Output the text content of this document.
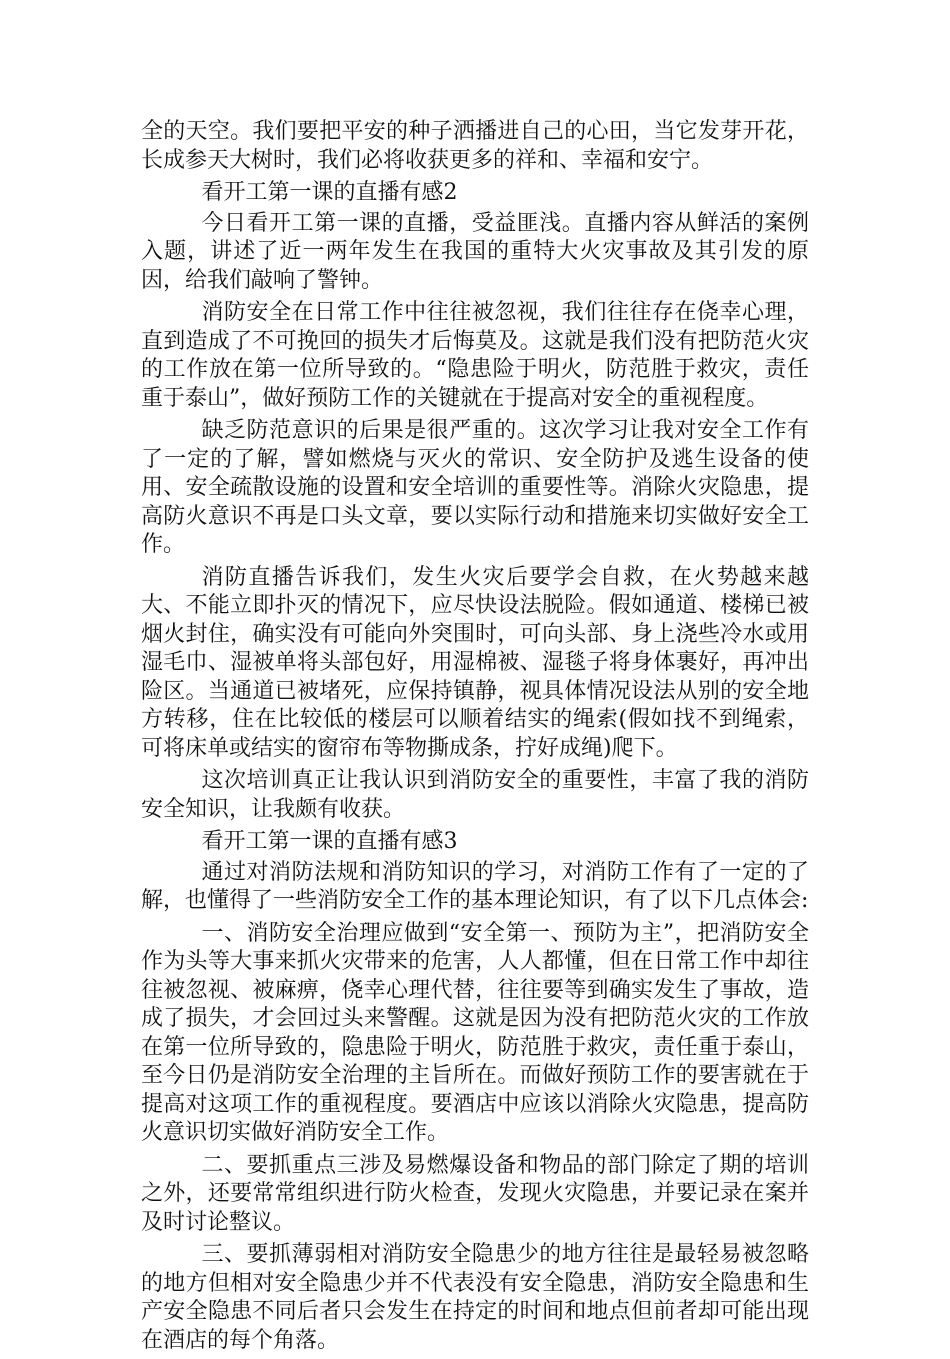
全的天空。我们要把平安的种子洒播进自己的心田，当它发芽开花，长成参天大树时，我们必将收获更多的祥和、幸福和安宁。

看开工第一课的直播有感2

今日看开工第一课的直播，受益匪浅。直播内容从鲜活的案例入题，讲述了近一两年发生在我国的重特大火灾事故及其引发的原因，给我们敲响了警钟。

消防安全在日常工作中往往被忽视，我们往往存在侥幸心理，直到造成了不可挽回的损失才后悔莫及。这就是我们没有把防范火灾的工作放在第一位所导致的。“隐患险于明火，防范胜于救灾，责任重于泰山”，做好预防工作的关键就在于提高对安全的重视程度。

缺乏防范意识的后果是很严重的。这次学习让我对安全工作有了一定的了解，譬如燃烧与灭火的常识、安全防护及逃生设备的使用、安全疏散设施的设置和安全培训的重要性等。消除火灾隐患，提高防火意识不再是口头文章，要以实际行动和措施来切实做好安全工作。

消防直播告诉我们，发生火灾后要学会自救，在火势越来越大、不能立即扑灭的情况下，应尽快设法脱险。假如通道、楼梯已被烟火封住，确实没有可能向外突围时，可向头部、身上浇些冷水或用湿毛巾、湿被单将头部包好，用湿棉被、湿毯子将身体裹好，再冲出险区。当通道已被堵死，应保持镇静，视具体情况设法从别的安全地方转移，住在比较低的楼层可以顺着结实的绳索(假如找不到绳索，可将床单或结实的窗帘布等物撕成条，拧好成绳)爬下。

这次培训真正让我认识到消防安全的重要性，丰富了我的消防安全知识，让我颇有收获。

看开工第一课的直播有感3

通过对消防法规和消防知识的学习，对消防工作有了一定的了解，也懂得了一些消防安全工作的基本理论知识，有了以下几点体会:

一、消防安全治理应做到“安全第一、预防为主”，把消防安全作为头等大事来抓火灾带来的危害，人人都懂，但在日常工作中却往往被忽视、被麻痹，侥幸心理代替，往往要等到确实发生了事故，造成了损失，才会回过头来警醒。这就是因为没有把防范火灾的工作放在第一位所导致的，隐患险于明火，防范胜于救灾，责任重于泰山，至今日仍是消防安全治理的主旨所在。而做好预防工作的要害就在于提高对这项工作的重视程度。要酒店中应该以消除火灾隐患，提高防火意识切实做好消防安全工作。

二、要抓重点三涉及易燃爆设备和物品的部门除定了期的培训之外，还要常常组织进行防火检查，发现火灾隐患，并要记录在案并及时讨论整议。

三、要抓薄弱相对消防安全隐患少的地方往往是最轻易被忽略的地方但相对安全隐患少并不代表没有安全隐患，消防安全隐患和生产安全隐患不同后者只会发生在持定的时间和地点但前者却可能出现在酒店的每个角落。
